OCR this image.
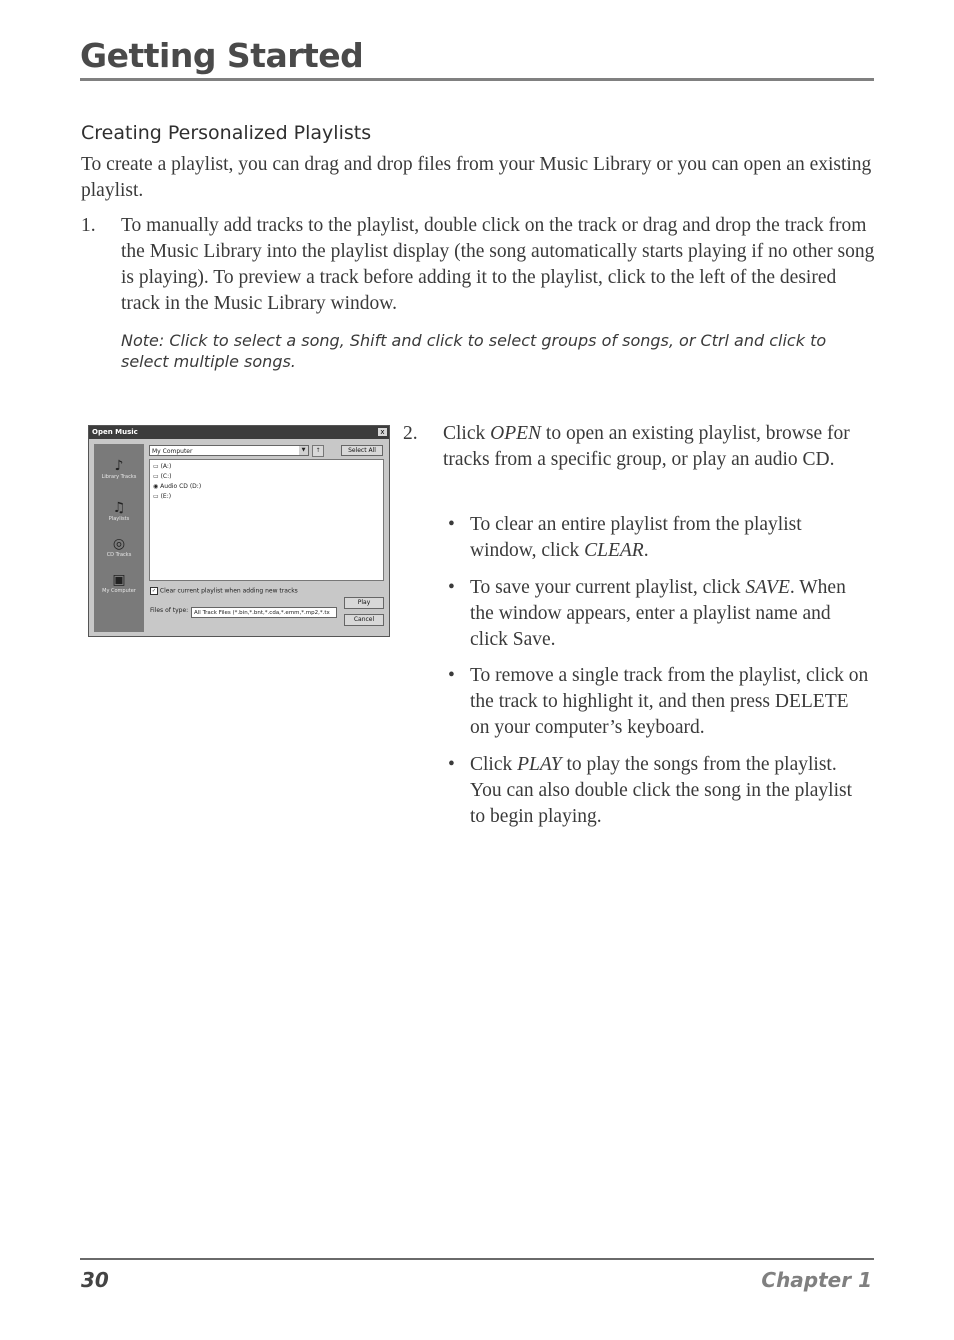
Getting Started
Creating Personalized Playlists
To create a playlist, you can drag and drop files from your Music Library or you can open an existing playlist.
1. To manually add tracks to the playlist, double click on the track or drag and drop the track from the Music Library into the playlist display (the song automatically starts playing if no other song is playing). To preview a track before adding it to the playlist, click to the left of the desired track in the Music Library window.
Note: Click to select a song, Shift and click to select groups of songs, or Ctrl and click to select multiple songs.
Open Music	x
♪
Library Tracks
♫
Playlists
◎
CD Tracks
▣
My Computer
My Computer	▼	↑	Select All
▭ (A:)
▭ (C:)
◉ Audio CD (D:)
▭ (E:)
✓ Clear current playlist when adding new tracks
Files of type:	All Track Files (*.bin,*.bnt,*.cda,*.emm,*.mp2,*.tx
Play
Cancel
2. Click OPEN to open an existing playlist, browse for tracks from a specific group, or play an audio CD.
• To clear an entire playlist from the playlist window, click CLEAR.
• To save your current playlist, click SAVE. When the window appears, enter a playlist name and click Save.
• To remove a single track from the playlist, click on the track to highlight it, and then press DELETE on your computer’s keyboard.
• Click PLAY to play the songs from the playlist. You can also double click the song in the playlist to begin playing.
30	Chapter 1
